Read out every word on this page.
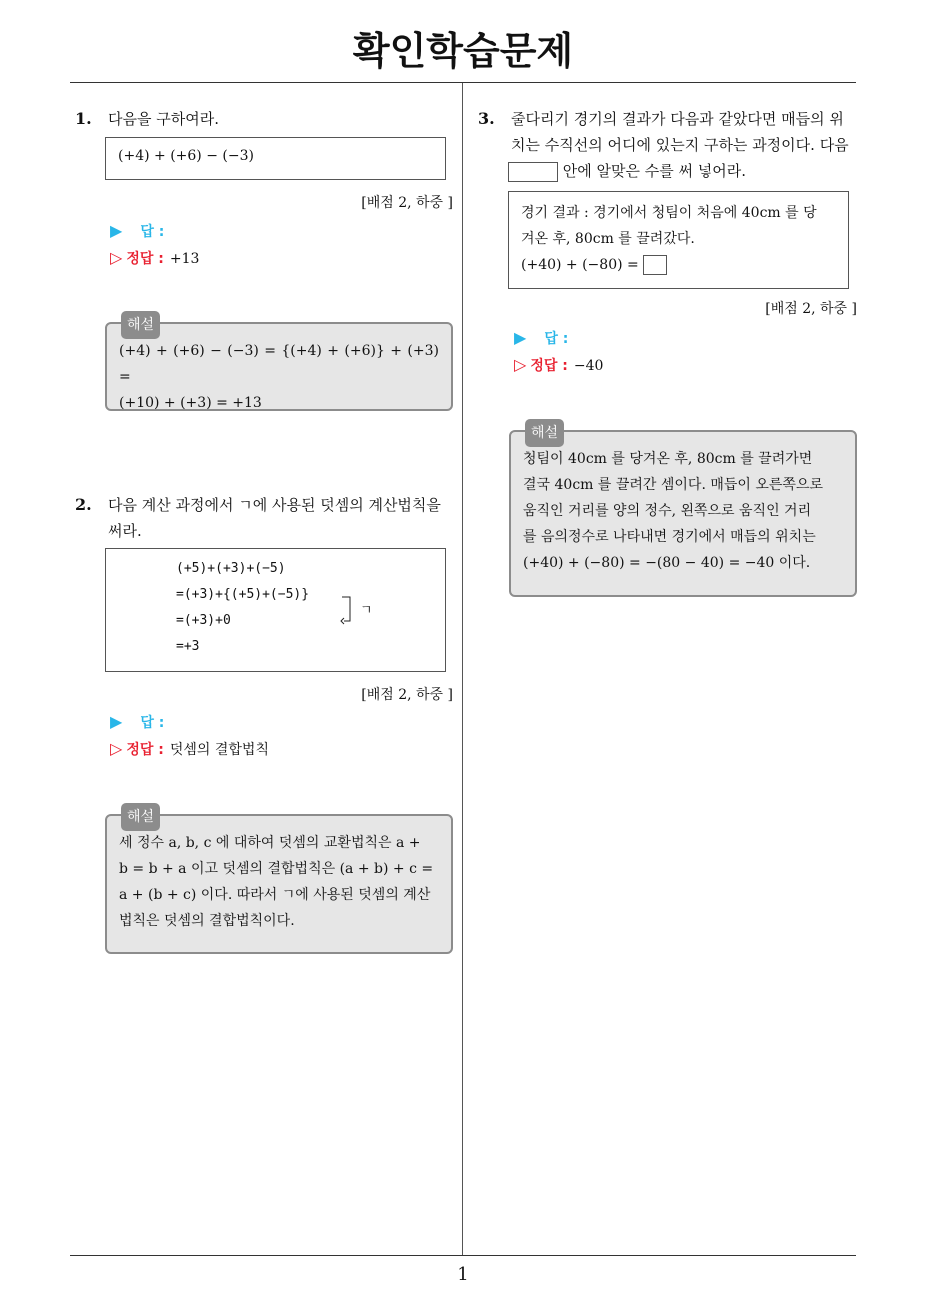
확인학습문제
1. 다음을 구하여라.
(+4) + (+6) − (−3)
[배점 2, 하중 ]
▶ 답 :
▷ 정답 : +13
해설
(+4) + (+6) − (−3) = {(+4) + (+6)} + (+3) =
(+10) + (+3) = +13
2. 다음 계산 과정에서 ㄱ에 사용된 덧셈의 계산법칙을
써라.
(+5)+(+3)+(−5)
=(+3)+{(+5)+(−5)}
=(+3)+0
=+3
ㄱ
[배점 2, 하중 ]
▶ 답 :
▷ 정답 : 덧셈의 결합법칙
해설
세 정수 a, b, c 에 대하여 덧셈의 교환법칙은 a +
b = b + a 이고 덧셈의 결합법칙은 (a + b) + c =
a + (b + c) 이다. 따라서 ㄱ에 사용된 덧셈의 계산
법칙은 덧셈의 결합법칙이다.
3. 줄다리기 경기의 결과가 다음과 같았다면 매듭의 위
치는 수직선의 어디에 있는지 구하는 과정이다. 다음
안에 알맞은 수를 써 넣어라.
경기 결과 : 경기에서 청팀이 처음에 40cm 를 당
겨온 후, 80cm 를 끌려갔다.
(+40) + (−80) =
[배점 2, 하중 ]
▶ 답 :
▷ 정답 : −40
해설
청팀이 40cm 를 당겨온 후, 80cm 를 끌려가면
결국 40cm 를 끌려간 셈이다. 매듭이 오른쪽으로
움직인 거리를 양의 정수, 왼쪽으로 움직인 거리
를 음의정수로 나타내면 경기에서 매듭의 위치는
(+40) + (−80) = −(80 − 40) = −40 이다.
1
